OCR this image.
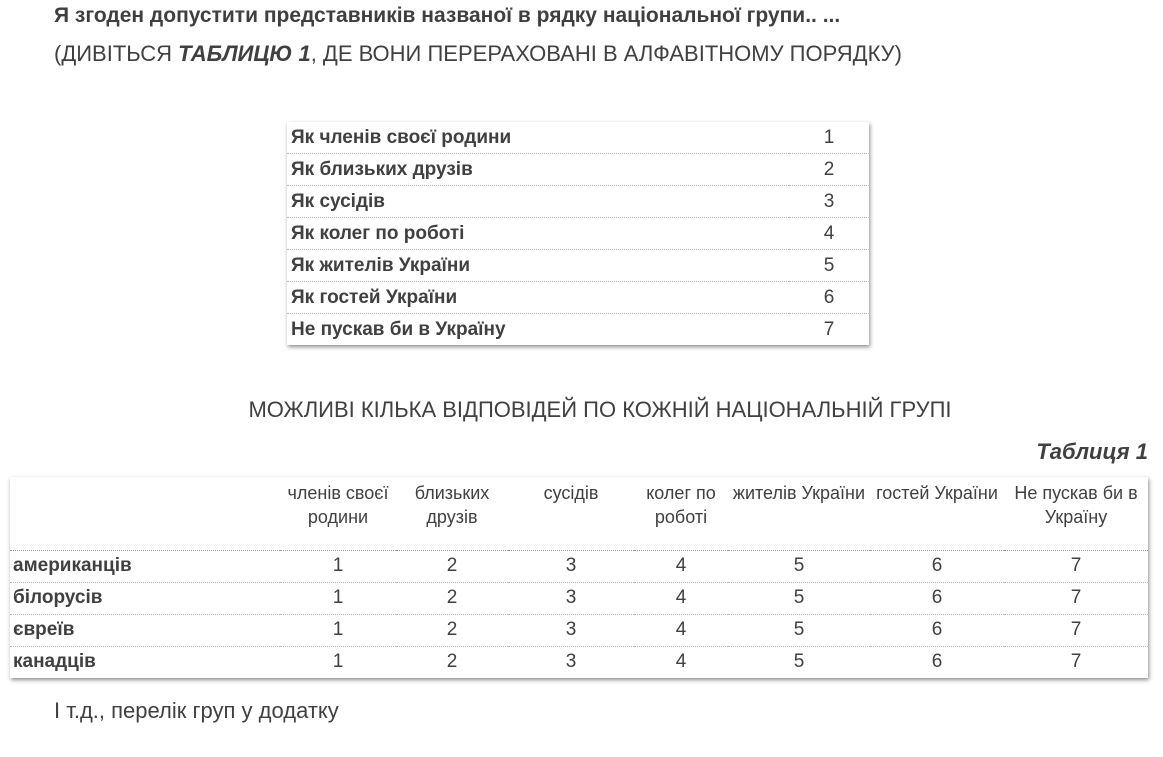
Я згоден допустити представників названої в рядку національної групи.. ...
(ДИВІТЬСЯ ТАБЛИЦЮ 1, ДЕ ВОНИ ПЕРЕРАХОВАНІ В АЛФАВІТНОМУ ПОРЯДКУ)
Як членів своєї родини	1
Як близьких друзів	2
Як сусідів	3
Як колег по роботі	4
Як жителів України	5
Як гостей України	6
Не пускав би в Україну	7
МОЖЛИВІ КІЛЬКА ВІДПОВІДЕЙ ПО КОЖНІЙ НАЦІОНАЛЬНІЙ ГРУПІ
Таблиця 1
	членів своєї родини	близьких друзів	сусідів	колег по роботі	жителів України	гостей України	Не пускав би в Україну
американців	1	2	3	4	5	6	7
білорусів	1	2	3	4	5	6	7
євреїв	1	2	3	4	5	6	7
канадців	1	2	3	4	5	6	7
І т.д., перелік груп у додатку
